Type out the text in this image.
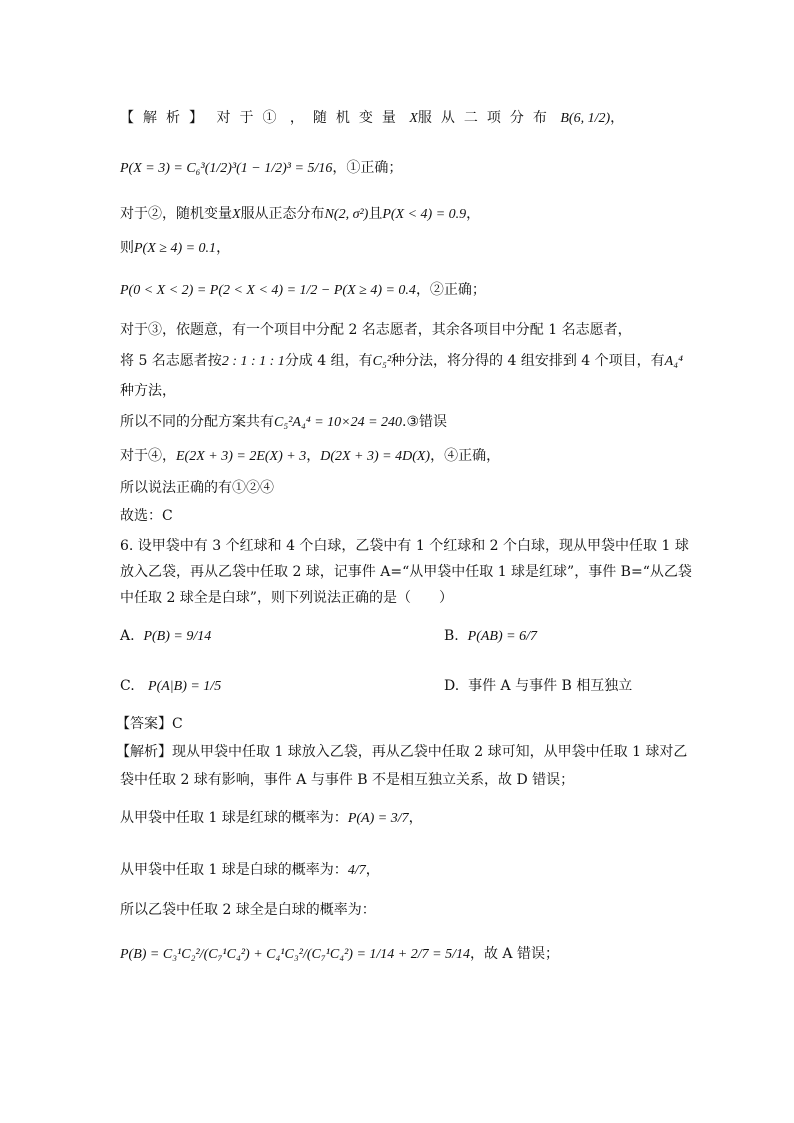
【解析】 对于① ，随机变量 X服从二项分布 B(6, 1/2)，
P(X = 3) = C₆³(1/2)³(1 − 1/2)³ = 5/16，①正确；
对于②，随机变量X服从正态分布N(2, σ²)且P(X < 4) = 0.9，
则P(X ≥ 4) = 0.1，
P(0 < X < 2) = P(2 < X < 4) = 1/2 − P(X ≥ 4) = 0.4，②正确；
对于③，依题意，有一个项目中分配 2 名志愿者，其余各项目中分配 1 名志愿者，
将 5 名志愿者按2 : 1 : 1 : 1分成 4 组，有C₅²种分法，将分得的 4 组安排到 4 个项目，有A₄⁴
种方法，
所以不同的分配方案共有C₅²A₄⁴ = 10×24 = 240.③错误
对于④，E(2X + 3) = 2E(X) + 3，D(2X + 3) = 4D(X)，④正确，
所以说法正确的有①②④
故选：C
6. 设甲袋中有 3 个红球和 4 个白球，乙袋中有 1 个红球和 2 个白球，现从甲袋中任取 1 球
放入乙袋，再从乙袋中任取 2 球，记事件 A=“从甲袋中任取 1 球是红球”，事件 B=“从乙袋
中任取 2 球全是白球”，则下列说法正确的是（　　）
A. P(B) = 9/14	B. P(AB) = 6/7
C. P(A|B) = 1/5	D. 事件 A 与事件 B 相互独立
【答案】C
【解析】现从甲袋中任取 1 球放入乙袋，再从乙袋中任取 2 球可知，从甲袋中任取 1 球对乙
袋中任取 2 球有影响，事件 A 与事件 B 不是相互独立关系，故 D 错误；
从甲袋中任取 1 球是红球的概率为：P(A) = 3/7，
从甲袋中任取 1 球是白球的概率为：4/7，
所以乙袋中任取 2 球全是白球的概率为：
P(B) = C₃¹C₂²/(C₇¹C₄²) + C₄¹C₃²/(C₇¹C₄²) = 1/14 + 2/7 = 5/14，故 A 错误；
